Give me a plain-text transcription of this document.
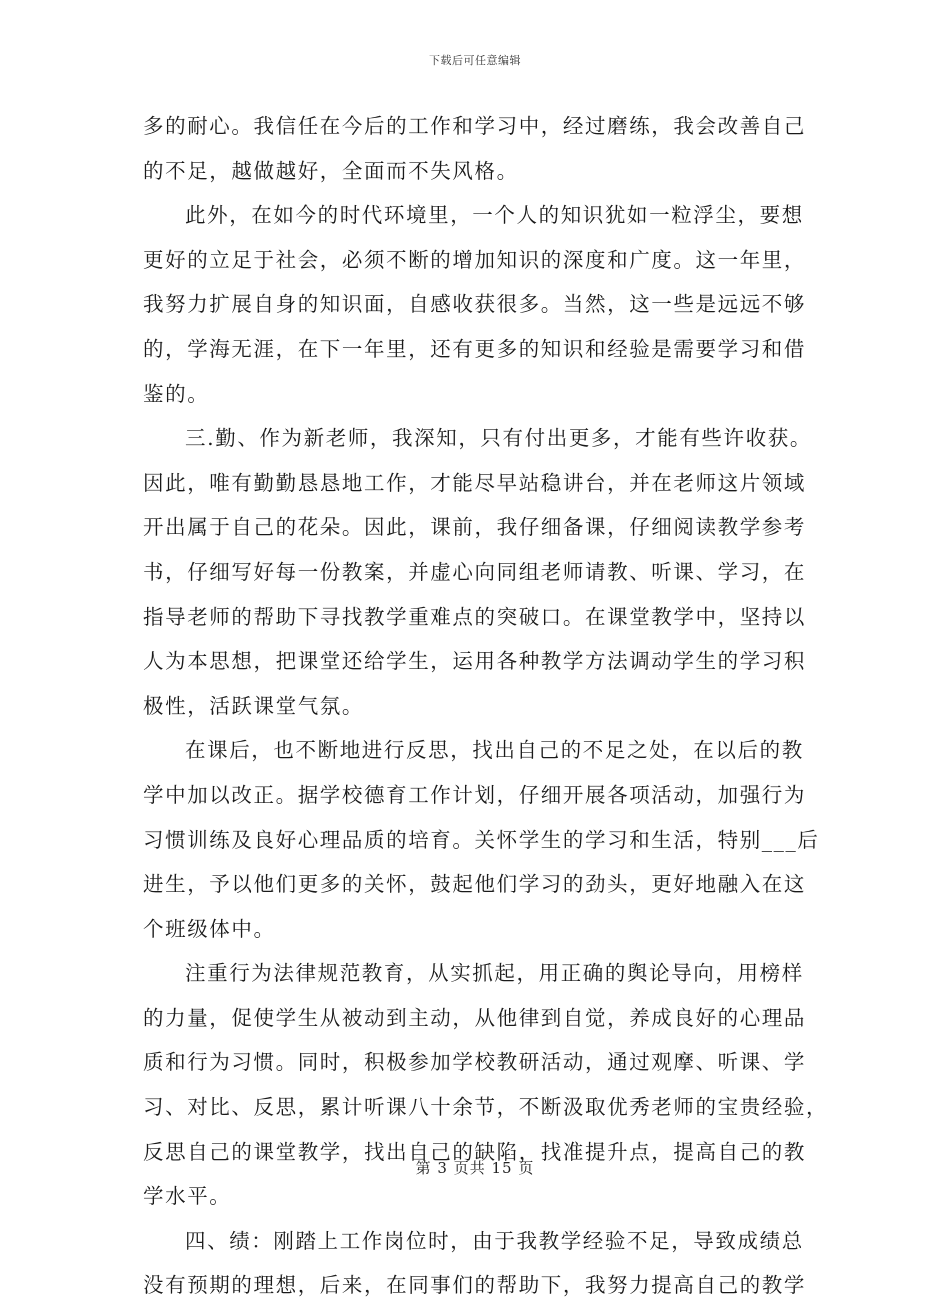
下载后可任意编辑
多的耐心。我信任在今后的工作和学习中，经过磨练，我会改善自己
的不足，越做越好，全面而不失风格。
此外，在如今的时代环境里，一个人的知识犹如一粒浮尘，要想
更好的立足于社会，必须不断的增加知识的深度和广度。这一年里，
我努力扩展自身的知识面，自感收获很多。当然，这一些是远远不够
的，学海无涯，在下一年里，还有更多的知识和经验是需要学习和借
鉴的。
三.勤、作为新老师，我深知，只有付出更多，才能有些许收获。
因此，唯有勤勤恳恳地工作，才能尽早站稳讲台，并在老师这片领域
开出属于自己的花朵。因此，课前，我仔细备课，仔细阅读教学参考
书，仔细写好每一份教案，并虚心向同组老师请教、听课、学习，在
指导老师的帮助下寻找教学重难点的突破口。在课堂教学中，坚持以
人为本思想，把课堂还给学生，运用各种教学方法调动学生的学习积
极性，活跃课堂气氛。
在课后，也不断地进行反思，找出自己的不足之处，在以后的教
学中加以改正。据学校德育工作计划，仔细开展各项活动，加强行为
习惯训练及良好心理品质的培育。关怀学生的学习和生活，特别___后
进生，予以他们更多的关怀，鼓起他们学习的劲头，更好地融入在这
个班级体中。
注重行为法律规范教育，从实抓起，用正确的舆论导向，用榜样
的力量，促使学生从被动到主动，从他律到自觉，养成良好的心理品
质和行为习惯。同时，积极参加学校教研活动，通过观摩、听课、学
习、对比、反思，累计听课八十余节，不断汲取优秀老师的宝贵经验，
反思自己的课堂教学，找出自己的缺陷，找准提升点，提高自己的教
学水平。
四、绩：刚踏上工作岗位时，由于我教学经验不足，导致成绩总
没有预期的理想，后来，在同事们的帮助下，我努力提高自己的教学
第 3 页共 15 页
